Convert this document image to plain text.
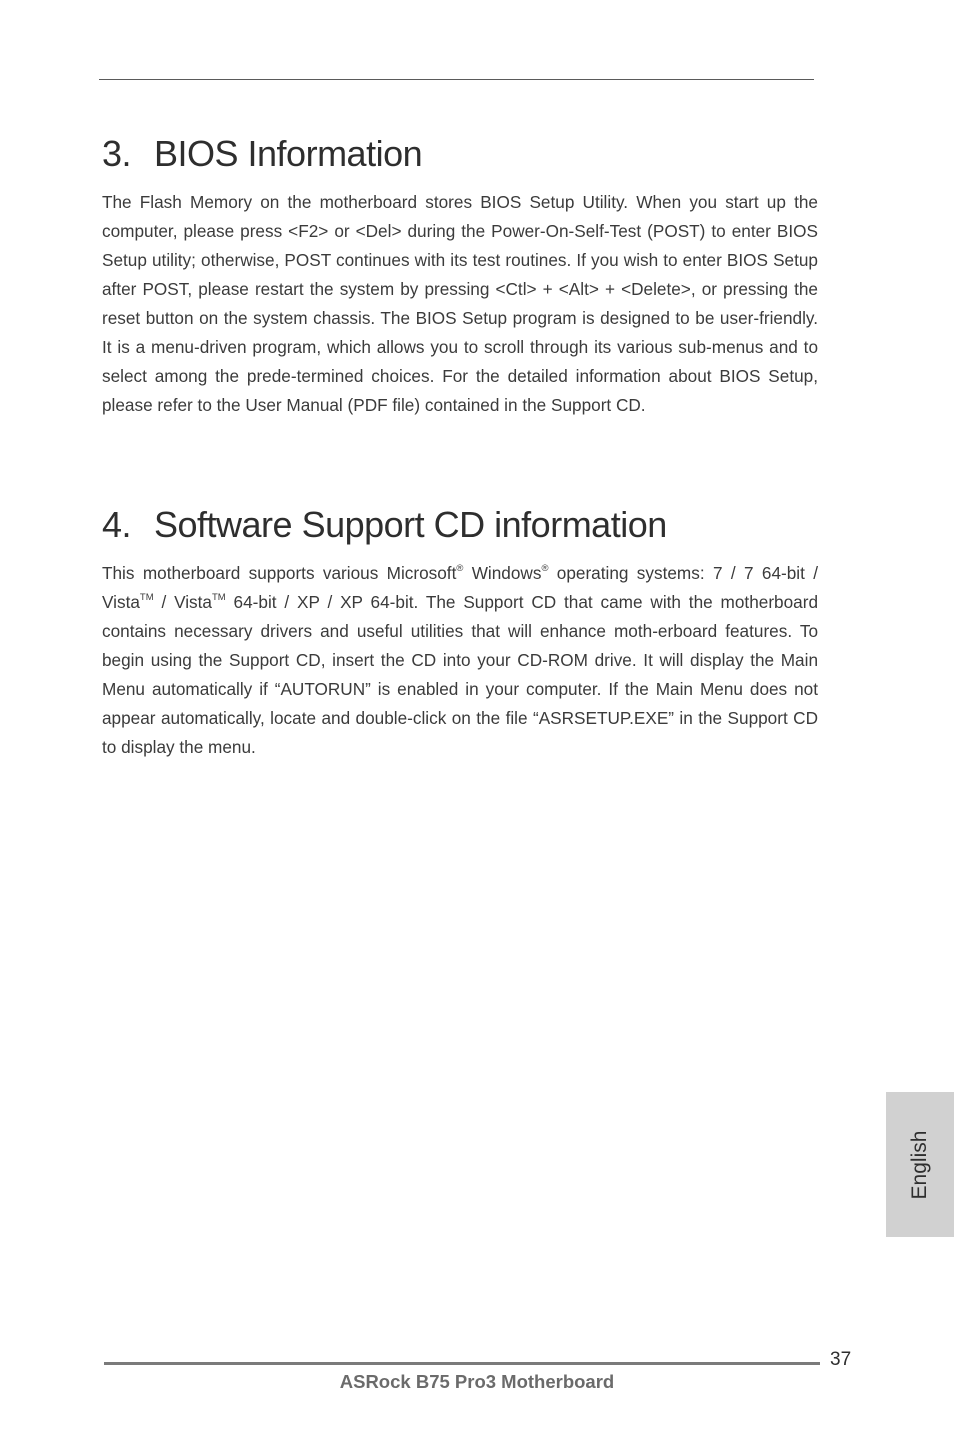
3. BIOS Information

The Flash Memory on the motherboard stores BIOS Setup Utility. When you start up the computer, please press <F2> or <Del> during the Power-On-Self-Test (POST) to enter BIOS Setup utility; otherwise, POST continues with its test routines. If you wish to enter BIOS Setup after POST, please restart the system by pressing <Ctl> + <Alt> + <Delete>, or pressing the reset button on the system chassis. The BIOS Setup program is designed to be user-friendly. It is a menu-driven program, which allows you to scroll through its various sub-menus and to select among the prede-termined choices. For the detailed information about BIOS Setup, please refer to the User Manual (PDF file) contained in the Support CD.

4. Software Support CD information

This motherboard supports various Microsoft® Windows® operating systems: 7 / 7 64-bit / Vista™ / Vista™ 64-bit / XP / XP 64-bit. The Support CD that came with the motherboard contains necessary drivers and useful utilities that will enhance moth-erboard features. To begin using the Support CD, insert the CD into your CD-ROM drive. It will display the Main Menu automatically if “AUTORUN” is enabled in your computer. If the Main Menu does not appear automatically, locate and double-click on the file “ASRSETUP.EXE” in the Support CD to display the menu.

English
37
ASRock B75 Pro3 Motherboard
